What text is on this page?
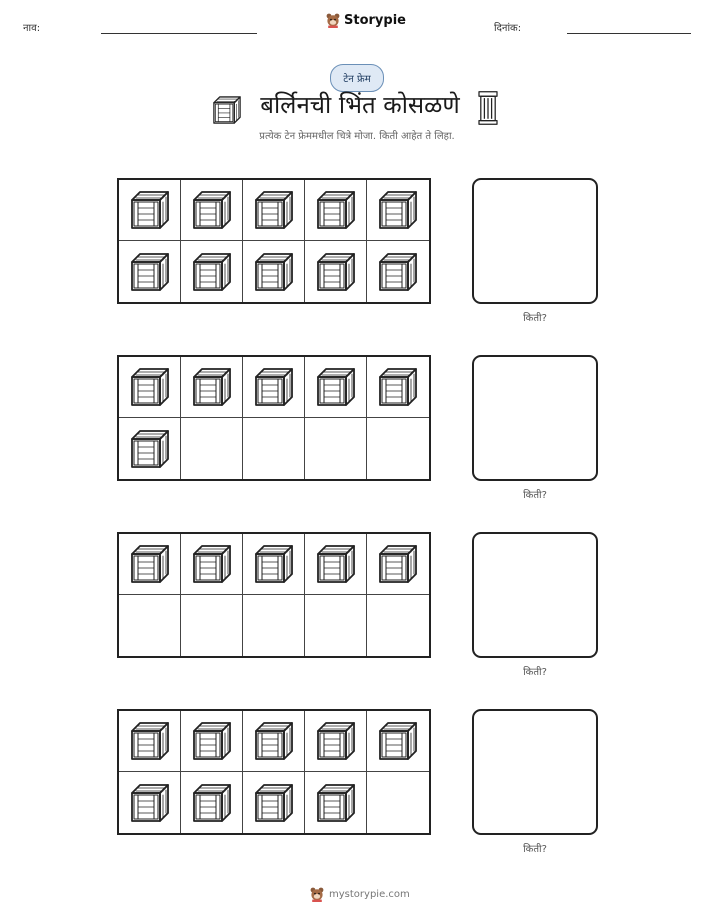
नाव:
Storypie
दिनांक:
टेन फ्रेम
बर्लिनची भिंत कोसळणे
प्रत्येक टेन फ्रेममधील चित्रे मोजा. किती आहेत ते लिहा.
किती?
किती?
किती?
किती?
mystorypie.com
